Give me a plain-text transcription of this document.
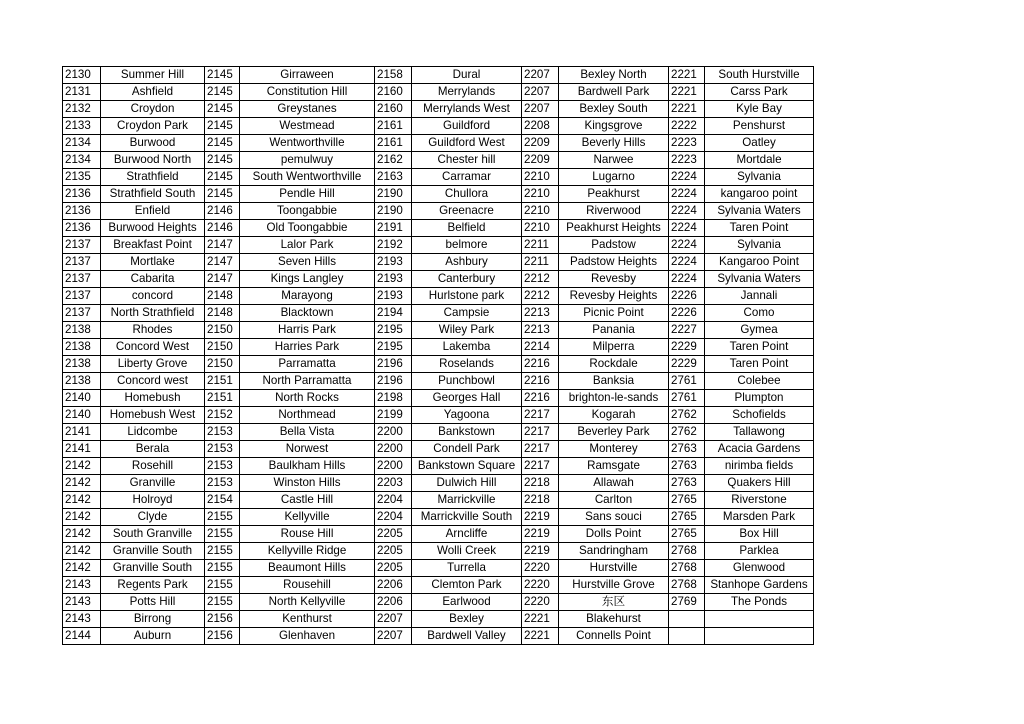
2130	Summer Hill	2145	Girraween	2158	Dural	2207	Bexley North	2221	South Hurstville
2131	Ashfield	2145	Constitution Hill	2160	Merrylands	2207	Bardwell Park	2221	Carss Park
2132	Croydon	2145	Greystanes	2160	Merrylands West	2207	Bexley South	2221	Kyle Bay
2133	Croydon Park	2145	Westmead	2161	Guildford	2208	Kingsgrove	2222	Penshurst
2134	Burwood	2145	Wentworthville	2161	Guildford West	2209	Beverly Hills	2223	Oatley
2134	Burwood North	2145	pemulwuy	2162	Chester hill	2209	Narwee	2223	Mortdale
2135	Strathfield	2145	South Wentworthville	2163	Carramar	2210	Lugarno	2224	Sylvania
2136	Strathfield South	2145	Pendle Hill	2190	Chullora	2210	Peakhurst	2224	kangaroo point
2136	Enfield	2146	Toongabbie	2190	Greenacre	2210	Riverwood	2224	Sylvania Waters
2136	Burwood Heights	2146	Old Toongabbie	2191	Belfield	2210	Peakhurst Heights	2224	Taren Point
2137	Breakfast Point	2147	Lalor Park	2192	belmore	2211	Padstow	2224	Sylvania
2137	Mortlake	2147	Seven Hills	2193	Ashbury	2211	Padstow Heights	2224	Kangaroo Point
2137	Cabarita	2147	Kings Langley	2193	Canterbury	2212	Revesby	2224	Sylvania Waters
2137	concord	2148	Marayong	2193	Hurlstone park	2212	Revesby Heights	2226	Jannali
2137	North Strathfield	2148	Blacktown	2194	Campsie	2213	Picnic Point	2226	Como
2138	Rhodes	2150	Harris Park	2195	Wiley Park	2213	Panania	2227	Gymea
2138	Concord West	2150	Harries Park	2195	Lakemba	2214	Milperra	2229	Taren Point
2138	Liberty Grove	2150	Parramatta	2196	Roselands	2216	Rockdale	2229	Taren Point
2138	Concord west	2151	North Parramatta	2196	Punchbowl	2216	Banksia	2761	Colebee
2140	Homebush	2151	North Rocks	2198	Georges Hall	2216	brighton-le-sands	2761	Plumpton
2140	Homebush West	2152	Northmead	2199	Yagoona	2217	Kogarah	2762	Schofields
2141	Lidcombe	2153	Bella Vista	2200	Bankstown	2217	Beverley Park	2762	Tallawong
2141	Berala	2153	Norwest	2200	Condell Park	2217	Monterey	2763	Acacia Gardens
2142	Rosehill	2153	Baulkham Hills	2200	Bankstown Square	2217	Ramsgate	2763	nirimba fields
2142	Granville	2153	Winston Hills	2203	Dulwich Hill	2218	Allawah	2763	Quakers Hill
2142	Holroyd	2154	Castle Hill	2204	Marrickville	2218	Carlton	2765	Riverstone
2142	Clyde	2155	Kellyville	2204	Marrickville South	2219	Sans souci	2765	Marsden Park
2142	South Granville	2155	Rouse Hill	2205	Arncliffe	2219	Dolls Point	2765	Box Hill
2142	Granville South	2155	Kellyville Ridge	2205	Wolli Creek	2219	Sandringham	2768	Parklea
2142	Granville South	2155	Beaumont Hills	2205	Turrella	2220	Hurstville	2768	Glenwood
2143	Regents Park	2155	Rousehill	2206	Clemton Park	2220	Hurstville Grove	2768	Stanhope Gardens
2143	Potts Hill	2155	North Kellyville	2206	Earlwood	2220	东区	2769	The Ponds
2143	Birrong	2156	Kenthurst	2207	Bexley	2221	Blakehurst		
2144	Auburn	2156	Glenhaven	2207	Bardwell Valley	2221	Connells Point		
